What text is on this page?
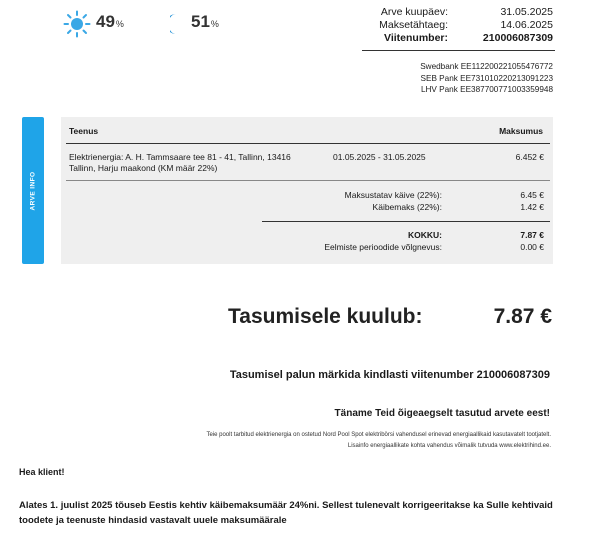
49 %	51 %
Arve kuupäev:	31.05.2025
Maksetähtaeg:	14.06.2025
Viitenumber:	210006087309
Swedbank EE112200221055476772
SEB Pank EE731010220213091223
LHV Pank EE387700771003359948
ARVE INFO
Teenus	Maksumus
Elektrienergia: A. H. Tammsaare tee 81 - 41, Tallinn, 13416
Tallinn, Harju maakond (KM määr 22%)
01.05.2025 - 31.05.2025	6.452 €
Maksustatav käive (22%):	6.45 €
Käibemaks (22%):	1.42 €
KOKKU:	7.87 €
Eelmiste perioodide võlgnevus:	0.00 €
Tasumisele kuulub:	7.87 €
Tasumisel palun märkida kindlasti viitenumber 210006087309
Täname Teid õigeaegselt tasutud arvete eest!
Teie poolt tarbitud elektrienergia on ostetud Nord Pool Spot elektribörsi vahendusel erinevad energiaallikaid kasutavatelt tootjatelt.
Lisainfo energiaallikate kohta vahendus võimalik tutvuda www.elektrihind.ee.
Hea klient!
Alates 1. juulist 2025 tõuseb Eestis kehtiv käibemaksumäär 24%ni. Sellest tulenevalt korrigeeritakse ka Sulle kehtivaid toodete ja teenuste hindasid vastavalt uuele maksumäärale
